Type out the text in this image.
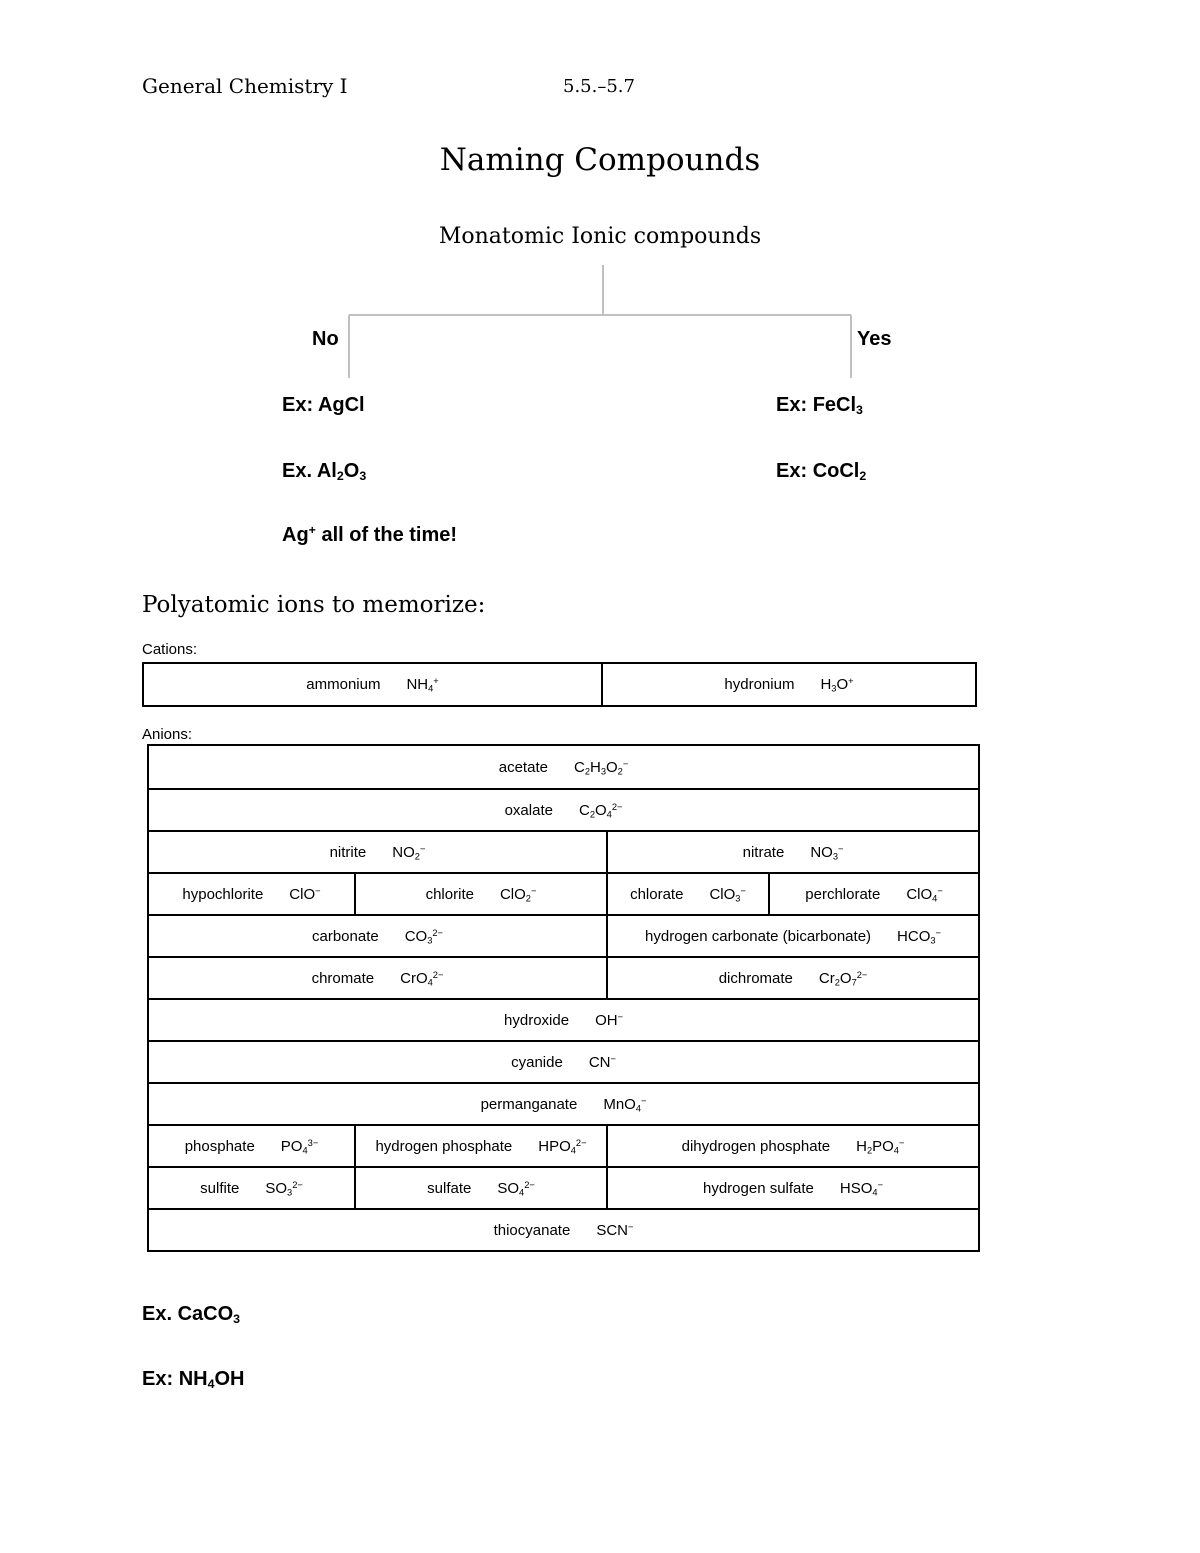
General Chemistry I	5.5.–5.7
Naming Compounds
Monatomic Ionic compounds
No	Yes
Ex: AgCl
Ex. $Al_2O_3$
Ex: FeCl$_3$
Ex: CoCl$_2$
Ag+ all of the time!
Polyatomic ions to memorize:
Cations:
ammonium $NH_4^+$	hydronium $H_3O^+$
Anions:
acetate $C_2H_3O_2^-$
oxalate $C_2O_4^{2-}$
nitrite $NO_2^-$		nitrate $NO_3^-$
hypochlorite ClO−	chlorite ClO$_2$−	chlorate ClO$_3$−	perchlorate ClO$_4$−
carbonate $CO_3^{2-}$		hydrogen carbonate (bicarbonate) $HCO_3^-$
chromate CrO$_4^{2-}$		dichromate $Cr_2O_7^{2-}$
hydroxide OH−
cyanide CN−
permanganate MnO$_4$−
phosphate $PO_4^{3-}$	hydrogen phosphate $HPO_4^{2-}$	dihydrogen phosphate $H_2PO_4^-$
sulfite $SO_3^{2-}$	sulfate $SO_4^{2-}$	hydrogen sulfate $HSO_4^-$
thiocyanate SCN−
Ex. CaCO$_3$
Ex: $NH_4OH$
